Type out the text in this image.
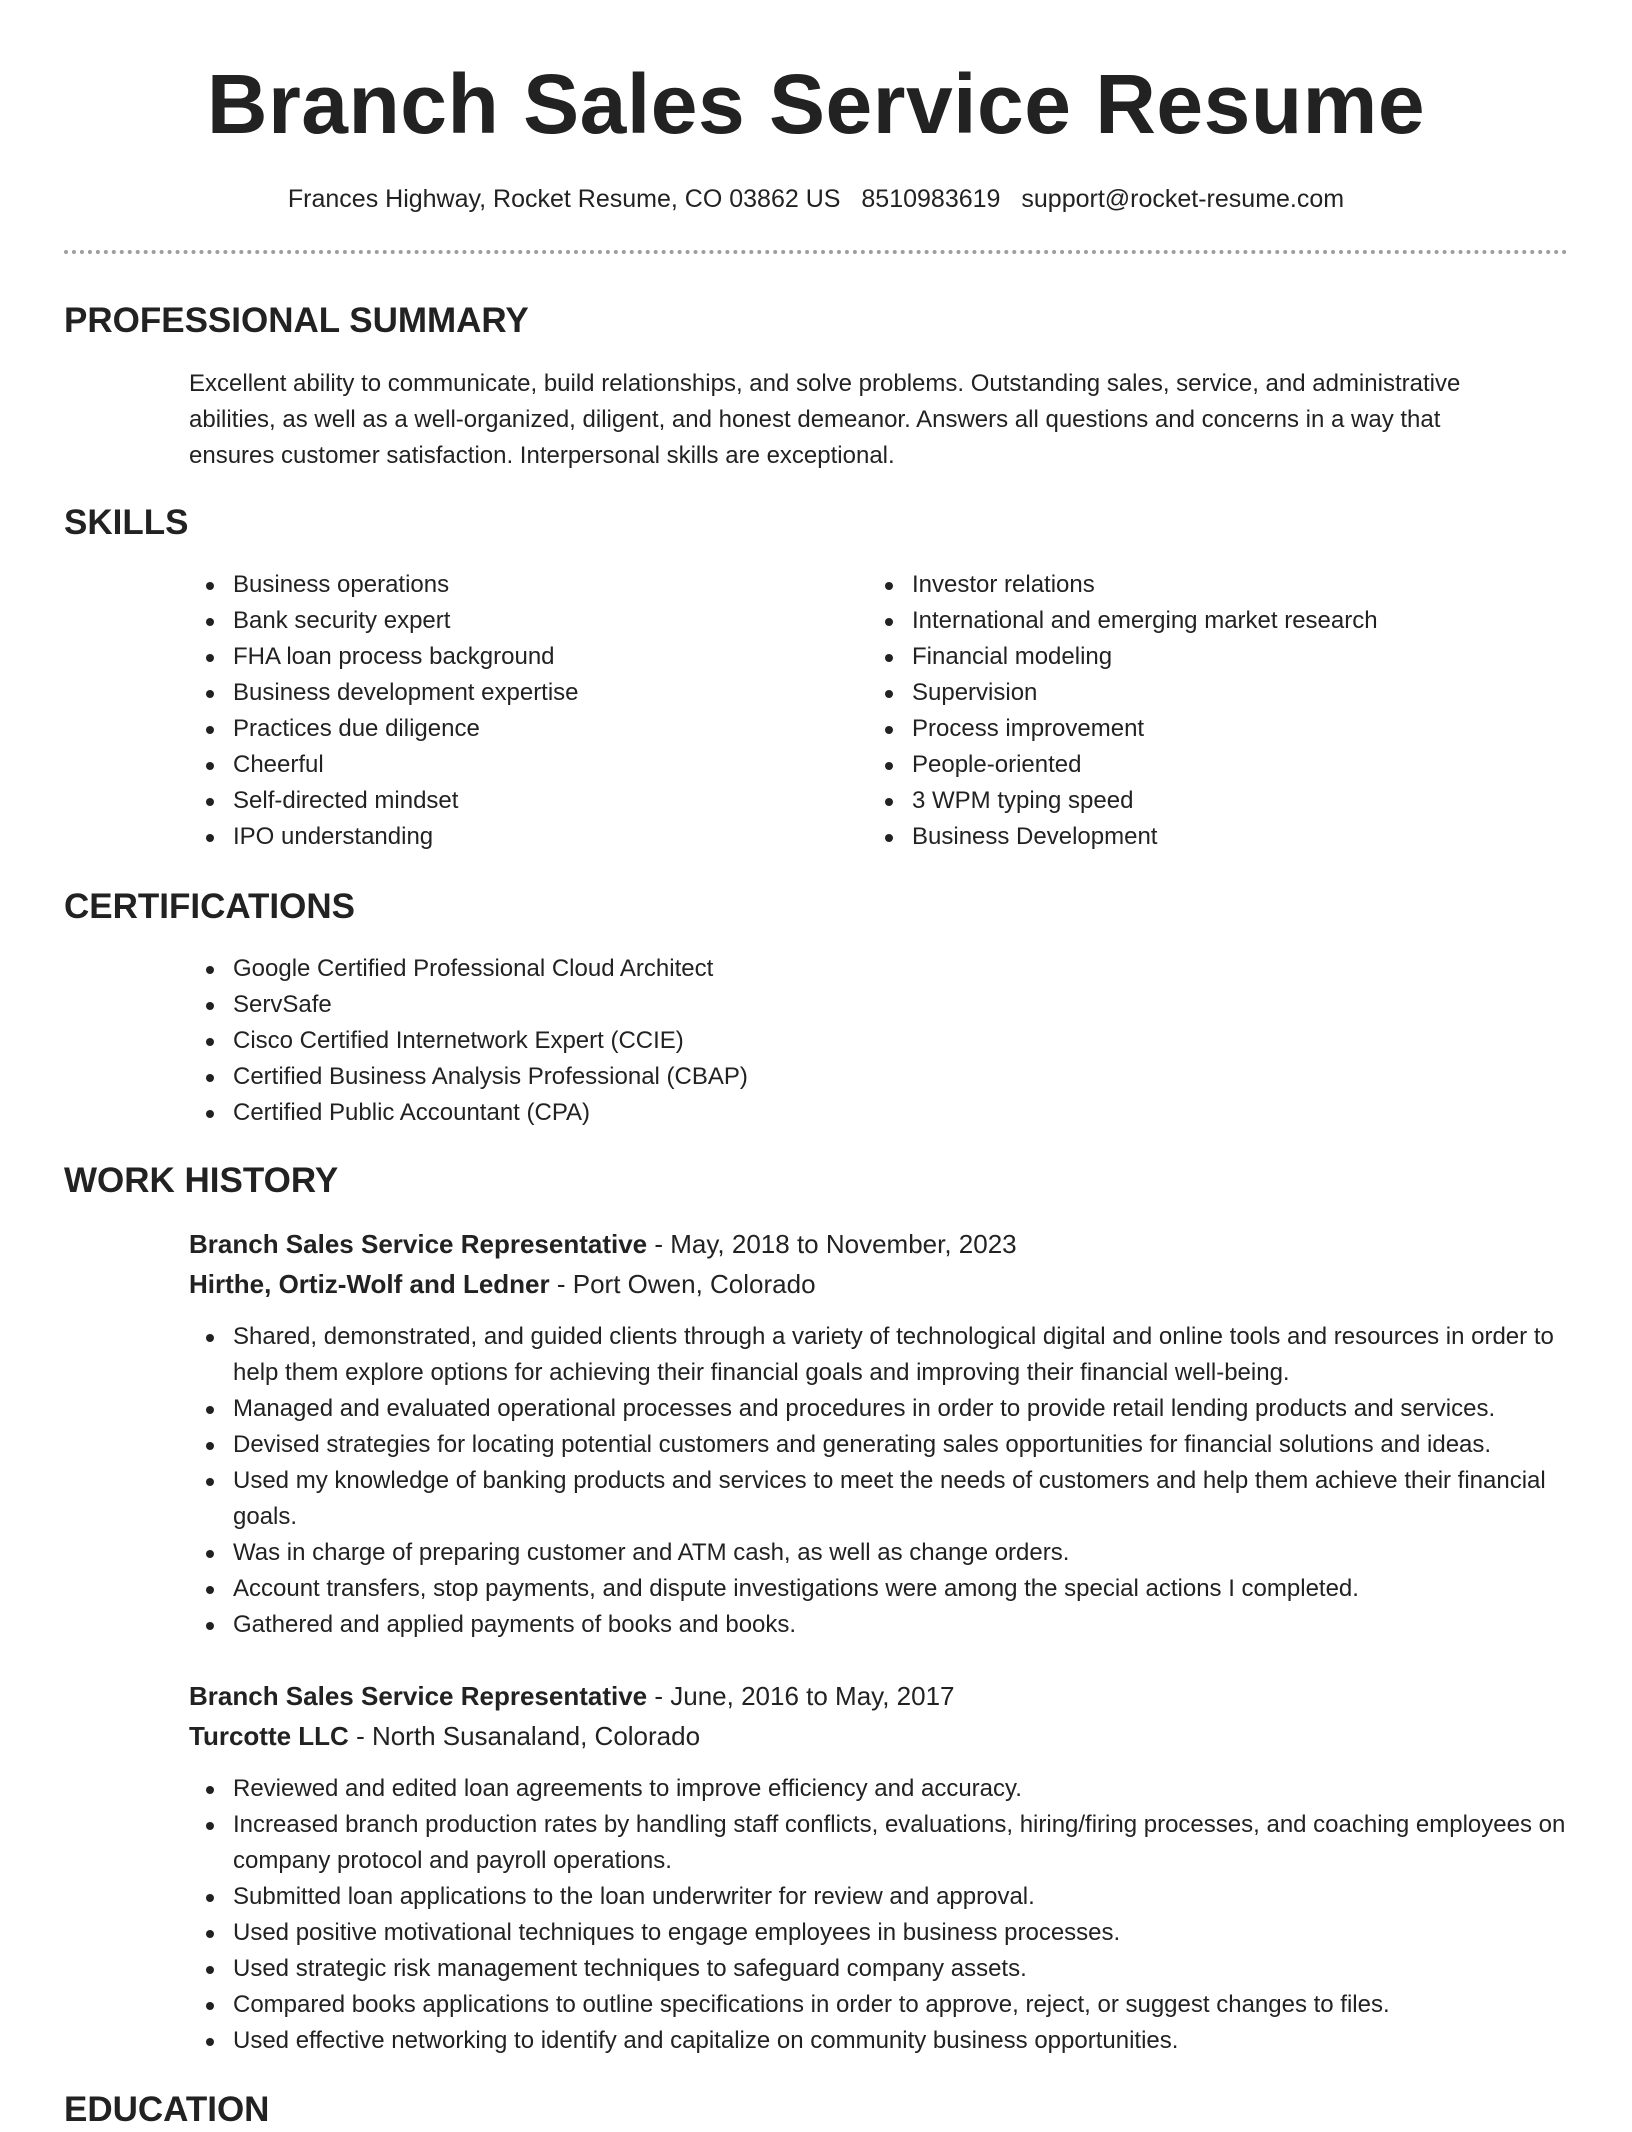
Branch Sales Service Resume
Frances Highway, Rocket Resume, CO 03862 US 8510983619 support@rocket-resume.com
PROFESSIONAL SUMMARY

Excellent ability to communicate, build relationships, and solve problems. Outstanding sales, service, and administrative abilities, as well as a well-organized, diligent, and honest demeanor. Answers all questions and concerns in a way that ensures customer satisfaction. Interpersonal skills are exceptional.

SKILLS
Business operations
Bank security expert
FHA loan process background
Business development expertise
Practices due diligence
Cheerful
Self-directed mindset
IPO understanding
Investor relations
International and emerging market research
Financial modeling
Supervision
Process improvement
People-oriented
3 WPM typing speed
Business Development
CERTIFICATIONS
Google Certified Professional Cloud Architect
ServSafe
Cisco Certified Internetwork Expert (CCIE)
Certified Business Analysis Professional (CBAP)
Certified Public Accountant (CPA)
WORK HISTORY

Branch Sales Service Representative - May, 2018 to November, 2023

Hirthe, Ortiz-Wolf and Ledner - Port Owen, Colorado

Shared, demonstrated, and guided clients through a variety of technological digital and online tools and resources in order to help them explore options for achieving their financial goals and improving their financial well-being.
Managed and evaluated operational processes and procedures in order to provide retail lending products and services.
Devised strategies for locating potential customers and generating sales opportunities for financial solutions and ideas.
Used my knowledge of banking products and services to meet the needs of customers and help them achieve their financial goals.
Was in charge of preparing customer and ATM cash, as well as change orders.
Account transfers, stop payments, and dispute investigations were among the special actions I completed.
Gathered and applied payments of books and books.

Branch Sales Service Representative - June, 2016 to May, 2017

Turcotte LLC - North Susanaland, Colorado

Reviewed and edited loan agreements to improve efficiency and accuracy.
Increased branch production rates by handling staff conflicts, evaluations, hiring/firing processes, and coaching employees on company protocol and payroll operations.
Submitted loan applications to the loan underwriter for review and approval.
Used positive motivational techniques to engage employees in business processes.
Used strategic risk management techniques to safeguard company assets.
Compared books applications to outline specifications in order to approve, reject, or suggest changes to files.
Used effective networking to identify and capitalize on community business opportunities.
EDUCATION
